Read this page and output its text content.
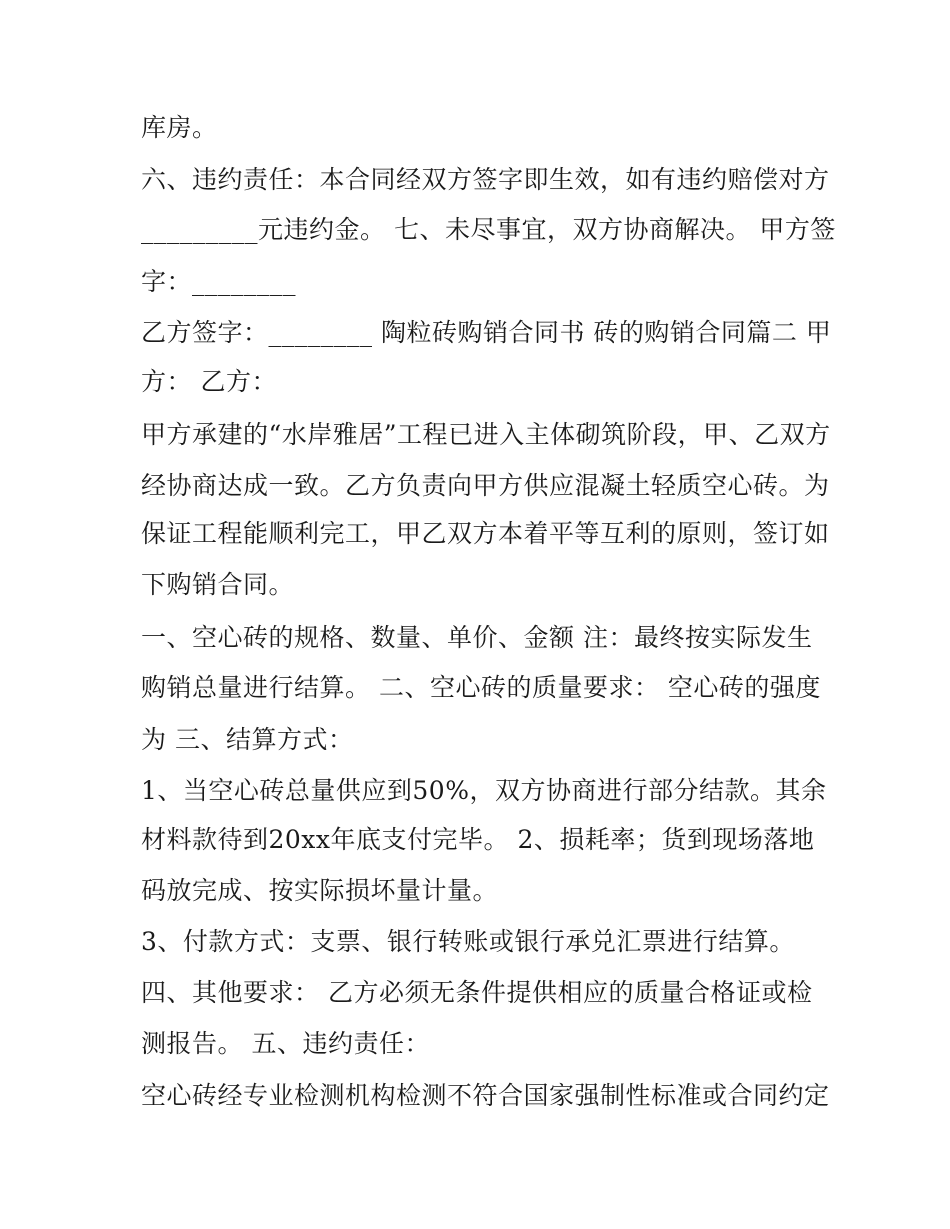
库房。
六、违约责任：本合同经双方签字即生效，如有违约赔偿对方
_________元违约金。 七、未尽事宜，双方协商解决。 甲方签
字：________
乙方签字：________ 陶粒砖购销合同书 砖的购销合同篇二 甲
方： 乙方：
甲方承建的“水岸雅居”工程已进入主体砌筑阶段，甲、乙双方
经协商达成一致。乙方负责向甲方供应混凝土轻质空心砖。为
保证工程能顺利完工，甲乙双方本着平等互利的原则，签订如
下购销合同。
一、空心砖的规格、数量、单价、金额 注：最终按实际发生
购销总量进行结算。 二、空心砖的质量要求： 空心砖的强度
为 三、结算方式：
1、当空心砖总量供应到50%，双方协商进行部分结款。其余
材料款待到20xx年底支付完毕。 2、损耗率；货到现场落地
码放完成、按实际损坏量计量。
3、付款方式：支票、银行转账或银行承兑汇票进行结算。
四、其他要求： 乙方必须无条件提供相应的质量合格证或检
测报告。 五、违约责任：
空心砖经专业检测机构检测不符合国家强制性标准或合同约定
